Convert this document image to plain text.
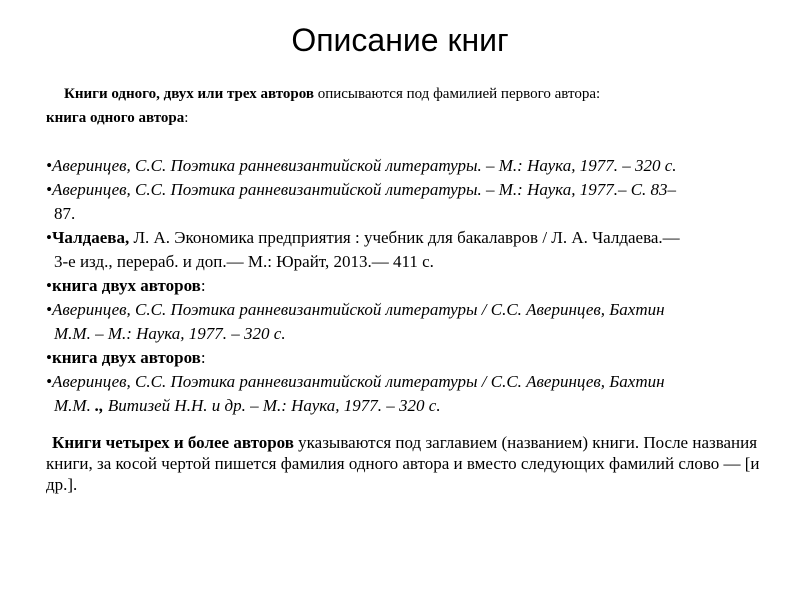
Описание книг
Книги одного, двух или трех авторов описываются под фамилией первого автора:
книга одного автора:
•Аверинцев, С.С. Поэтика ранневизантийской литературы. – М.: Наука, 1977. – 320 с.
•Аверинцев, С.С. Поэтика ранневизантийской литературы. – М.: Наука, 1977.– С. 83–
87.
•Чалдаева, Л. А. Экономика предприятия : учебник для бакалавров / Л. А. Чалдаева.—
3-е изд., перераб. и доп.— М.: Юрайт, 2013.— 411 с.
•книга двух авторов:
•Аверинцев, С.С. Поэтика ранневизантийской литературы / С.С. Аверинцев, Бахтин
М.М. – М.: Наука, 1977. – 320 с.
•книга двух авторов:
•Аверинцев, С.С. Поэтика ранневизантийской литературы / С.С. Аверинцев, Бахтин
М.М. ., Витизей Н.Н. и др. – М.: Наука, 1977. – 320 с.
Книги четырех и более авторов указываются под заглавием (названием) книги. После названия книги, за косой чертой пишется фамилия одного автора и вместо следующих фамилий слово — [и др.].
